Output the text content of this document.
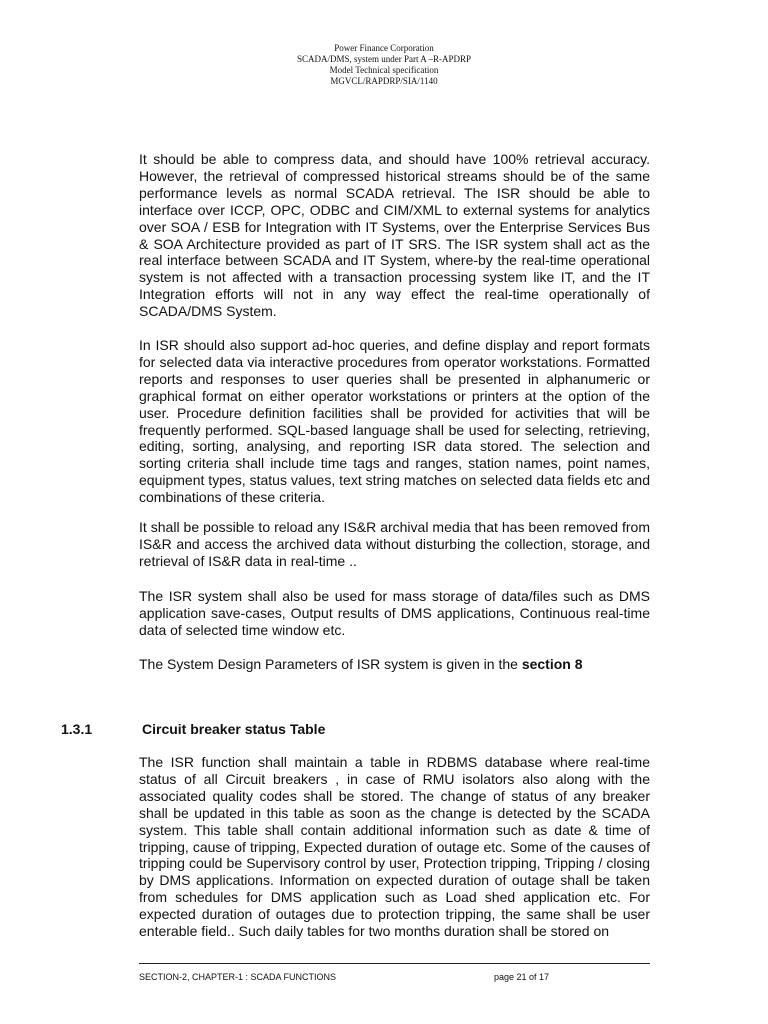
Power Finance Corporation
SCADA/DMS, system under Part A –R-APDRP
Model Technical specification
MGVCL/RAPDRP/SIA/1140

It should be able to compress data, and should have 100% retrieval accuracy. However, the retrieval of compressed historical streams should be of the same performance levels as normal SCADA retrieval. The ISR should be able to interface over ICCP, OPC, ODBC and CIM/XML to external systems for analytics over SOA / ESB for Integration with IT Systems, over the Enterprise Services Bus & SOA Architecture provided as part of IT SRS. The ISR system shall act as the real interface between SCADA and IT System, where-by the real-time operational system is not affected with a transaction processing system like IT, and the IT Integration efforts will not in any way effect the real-time operationally of SCADA/DMS System.

In ISR should also support ad-hoc queries, and define display and report formats for selected data via interactive procedures from operator workstations. Formatted reports and responses to user queries shall be presented in alphanumeric or graphical format on either operator workstations or printers at the option of the user. Procedure definition facilities shall be provided for activities that will be frequently performed. SQL-based language shall be used for selecting, retrieving, editing, sorting, analysing, and reporting ISR data stored. The selection and sorting criteria shall include time tags and ranges, station names, point names, equipment types, status values, text string matches on selected data fields etc and combinations of these criteria.

It shall be possible to reload any IS&R archival media that has been removed from IS&R and access the archived data without disturbing the collection, storage, and retrieval of IS&R data in real-time ..

The ISR system shall also be used for mass storage of data/files such as DMS application save-cases, Output results of DMS applications, Continuous real-time data of selected time window etc.

The System Design Parameters of ISR system is given in the section 8

1.3.1	Circuit breaker status Table

The ISR function shall maintain a table in RDBMS database where real-time status of all Circuit breakers , in case of RMU isolators also along with the associated quality codes shall be stored. The change of status of any breaker shall be updated in this table as soon as the change is detected by the SCADA system. This table shall contain additional information such as date & time of tripping, cause of tripping, Expected duration of outage etc. Some of the causes of tripping could be Supervisory control by user, Protection tripping, Tripping / closing by DMS applications. Information on expected duration of outage shall be taken from schedules for DMS application such as Load shed application etc. For expected duration of outages due to protection tripping, the same shall be user enterable field.. Such daily tables for two months duration shall be stored on

SECTION-2, CHAPTER-1 : SCADA FUNCTIONS	page 21 of 17
